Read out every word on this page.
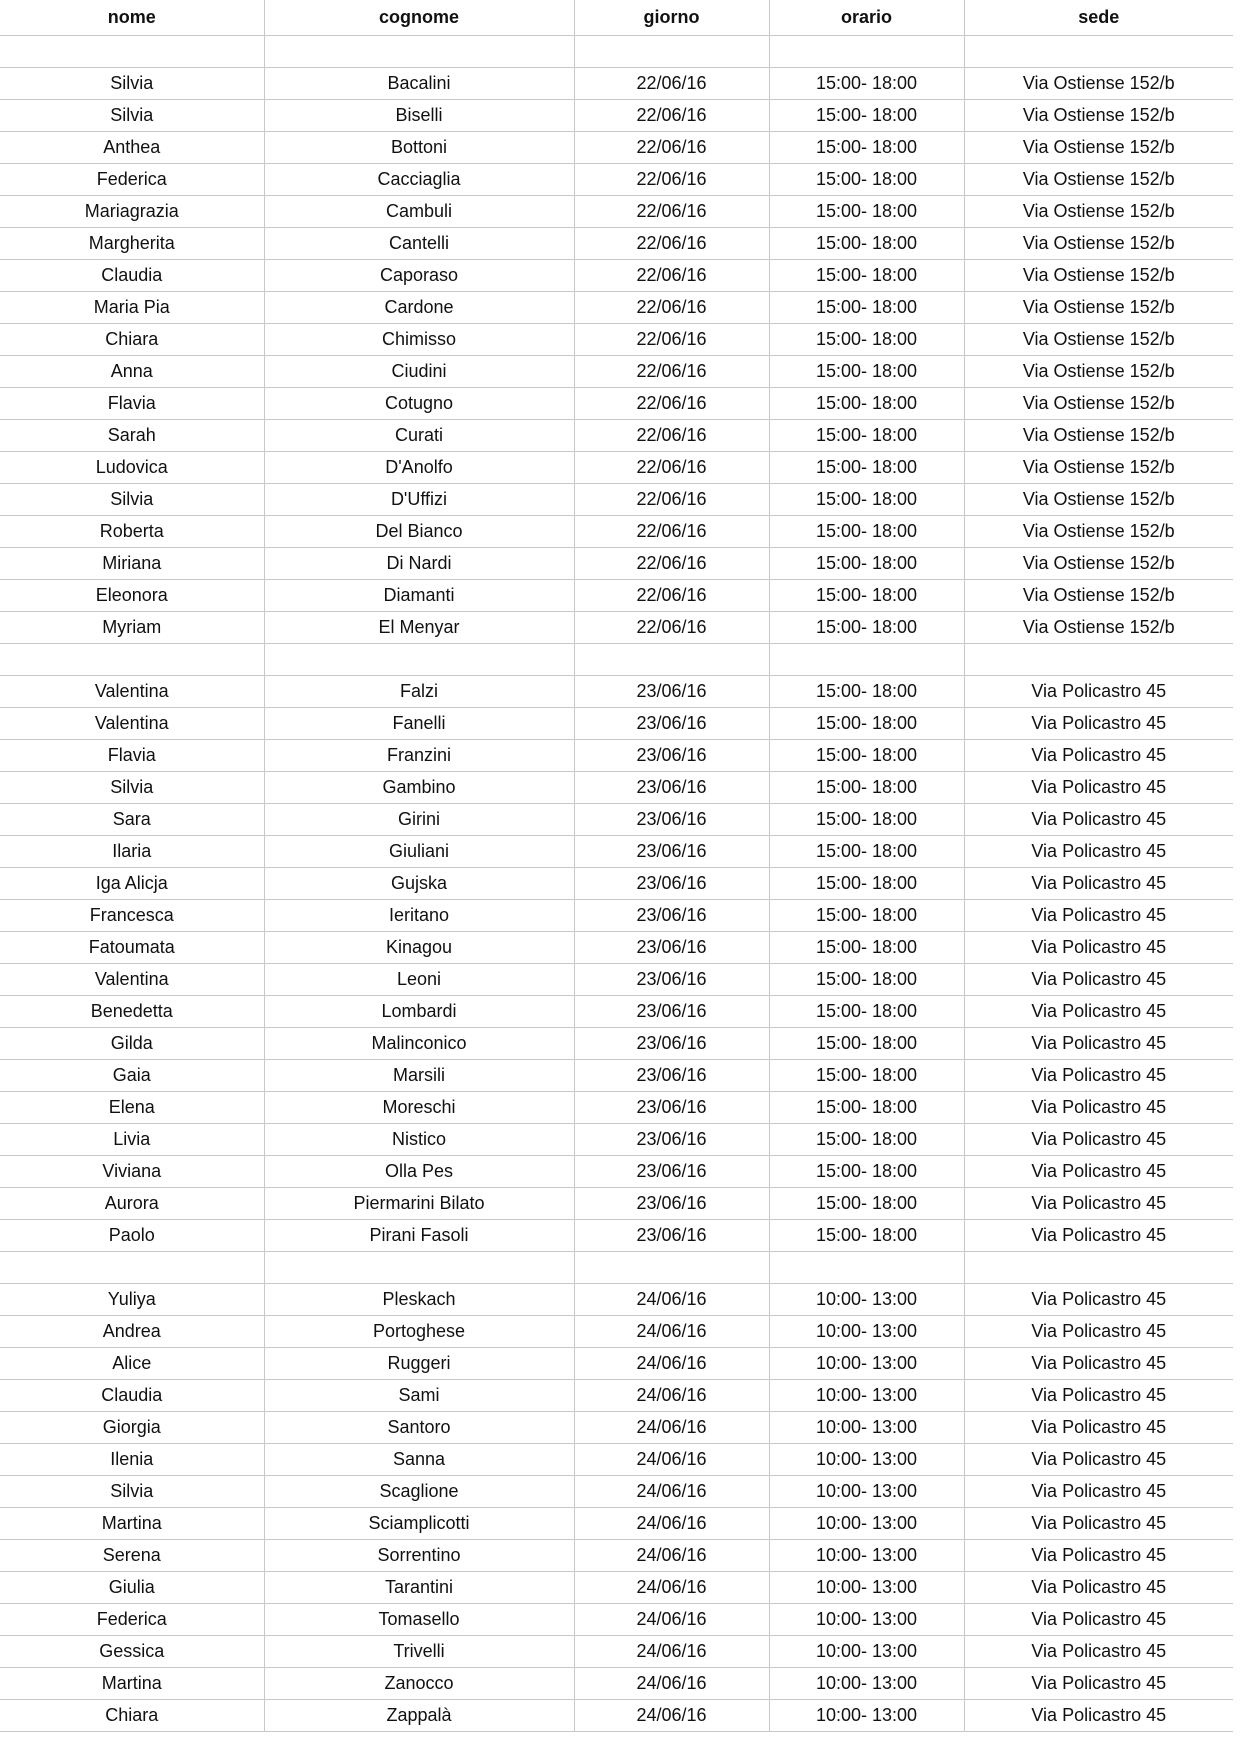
nome	cognome	giorno	orario	sede

Silvia	Bacalini	22/06/16	15:00- 18:00	Via Ostiense 152/b
Silvia	Biselli	22/06/16	15:00- 18:00	Via Ostiense 152/b
Anthea	Bottoni	22/06/16	15:00- 18:00	Via Ostiense 152/b
Federica	Cacciaglia	22/06/16	15:00- 18:00	Via Ostiense 152/b
Mariagrazia	Cambuli	22/06/16	15:00- 18:00	Via Ostiense 152/b
Margherita	Cantelli	22/06/16	15:00- 18:00	Via Ostiense 152/b
Claudia	Caporaso	22/06/16	15:00- 18:00	Via Ostiense 152/b
Maria Pia	Cardone	22/06/16	15:00- 18:00	Via Ostiense 152/b
Chiara	Chimisso	22/06/16	15:00- 18:00	Via Ostiense 152/b
Anna	Ciudini	22/06/16	15:00- 18:00	Via Ostiense 152/b
Flavia	Cotugno	22/06/16	15:00- 18:00	Via Ostiense 152/b
Sarah	Curati	22/06/16	15:00- 18:00	Via Ostiense 152/b
Ludovica	D'Anolfo	22/06/16	15:00- 18:00	Via Ostiense 152/b
Silvia	D'Uffizi	22/06/16	15:00- 18:00	Via Ostiense 152/b
Roberta	Del Bianco	22/06/16	15:00- 18:00	Via Ostiense 152/b
Miriana	Di Nardi	22/06/16	15:00- 18:00	Via Ostiense 152/b
Eleonora	Diamanti	22/06/16	15:00- 18:00	Via Ostiense 152/b
Myriam	El Menyar	22/06/16	15:00- 18:00	Via Ostiense 152/b

Valentina	Falzi	23/06/16	15:00- 18:00	Via Policastro 45
Valentina	Fanelli	23/06/16	15:00- 18:00	Via Policastro 45
Flavia	Franzini	23/06/16	15:00- 18:00	Via Policastro 45
Silvia	Gambino	23/06/16	15:00- 18:00	Via Policastro 45
Sara	Girini	23/06/16	15:00- 18:00	Via Policastro 45
Ilaria	Giuliani	23/06/16	15:00- 18:00	Via Policastro 45
Iga Alicja	Gujska	23/06/16	15:00- 18:00	Via Policastro 45
Francesca	Ieritano	23/06/16	15:00- 18:00	Via Policastro 45
Fatoumata	Kinagou	23/06/16	15:00- 18:00	Via Policastro 45
Valentina	Leoni	23/06/16	15:00- 18:00	Via Policastro 45
Benedetta	Lombardi	23/06/16	15:00- 18:00	Via Policastro 45
Gilda	Malinconico	23/06/16	15:00- 18:00	Via Policastro 45
Gaia	Marsili	23/06/16	15:00- 18:00	Via Policastro 45
Elena	Moreschi	23/06/16	15:00- 18:00	Via Policastro 45
Livia	Nistico	23/06/16	15:00- 18:00	Via Policastro 45
Viviana	Olla Pes	23/06/16	15:00- 18:00	Via Policastro 45
Aurora	Piermarini Bilato	23/06/16	15:00- 18:00	Via Policastro 45
Paolo	Pirani Fasoli	23/06/16	15:00- 18:00	Via Policastro 45

Yuliya	Pleskach	24/06/16	10:00- 13:00	Via Policastro 45
Andrea	Portoghese	24/06/16	10:00- 13:00	Via Policastro 45
Alice	Ruggeri	24/06/16	10:00- 13:00	Via Policastro 45
Claudia	Sami	24/06/16	10:00- 13:00	Via Policastro 45
Giorgia	Santoro	24/06/16	10:00- 13:00	Via Policastro 45
Ilenia	Sanna	24/06/16	10:00- 13:00	Via Policastro 45
Silvia	Scaglione	24/06/16	10:00- 13:00	Via Policastro 45
Martina	Sciamplicotti	24/06/16	10:00- 13:00	Via Policastro 45
Serena	Sorrentino	24/06/16	10:00- 13:00	Via Policastro 45
Giulia	Tarantini	24/06/16	10:00- 13:00	Via Policastro 45
Federica	Tomasello	24/06/16	10:00- 13:00	Via Policastro 45
Gessica	Trivelli	24/06/16	10:00- 13:00	Via Policastro 45
Martina	Zanocco	24/06/16	10:00- 13:00	Via Policastro 45
Chiara	Zappalà	24/06/16	10:00- 13:00	Via Policastro 45
